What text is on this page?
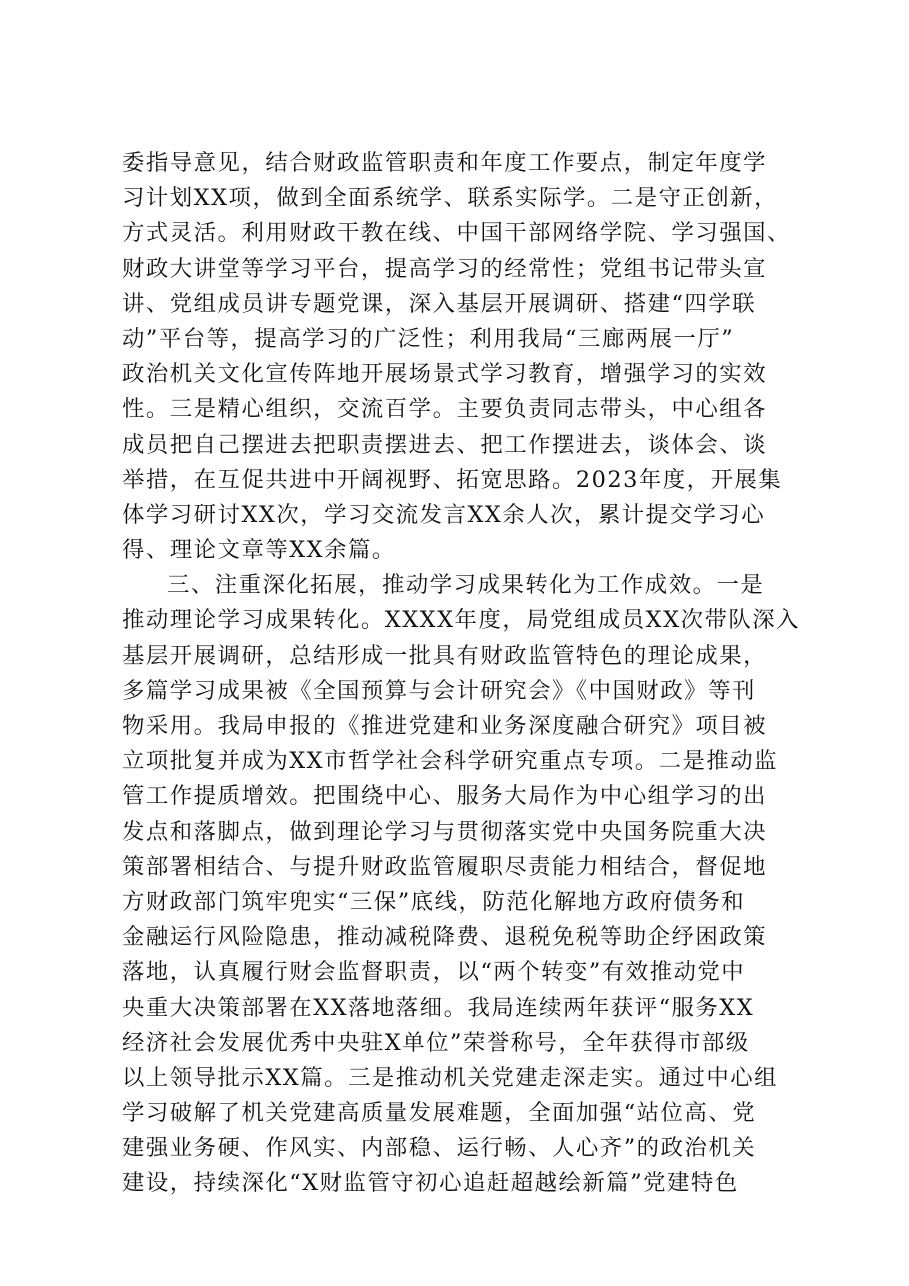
委指导意见，结合财政监管职责和年度工作要点，制定年度学
习计划XX项，做到全面系统学、联系实际学。二是守正创新，
方式灵活。利用财政干教在线、中国干部网络学院、学习强国、
财政大讲堂等学习平台，提高学习的经常性；党组书记带头宣
讲、党组成员讲专题党课，深入基层开展调研、搭建“四学联
动”平台等，提高学习的广泛性；利用我局“三廊两展一厅”
政治机关文化宣传阵地开展场景式学习教育，增强学习的实效
性。三是精心组织，交流百学。主要负责同志带头，中心组各
成员把自己摆进去把职责摆进去、把工作摆进去，谈体会、谈
举措，在互促共进中开阔视野、拓宽思路。2023年度，开展集
体学习研讨XX次，学习交流发言XX余人次，累计提交学习心
得、理论文章等XX余篇。
三、注重深化拓展，推动学习成果转化为工作成效。一是
推动理论学习成果转化。XXXX年度，局党组成员XX次带队深入
基层开展调研，总结形成一批具有财政监管特色的理论成果，
多篇学习成果被《全国预算与会计研究会》《中国财政》等刊
物采用。我局申报的《推进党建和业务深度融合研究》项目被
立项批复并成为XX市哲学社会科学研究重点专项。二是推动监
管工作提质增效。把围绕中心、服务大局作为中心组学习的出
发点和落脚点，做到理论学习与贯彻落实党中央国务院重大决
策部署相结合、与提升财政监管履职尽责能力相结合，督促地
方财政部门筑牢兜实“三保”底线，防范化解地方政府债务和
金融运行风险隐患，推动减税降费、退税免税等助企纾困政策
落地，认真履行财会监督职责，以“两个转变”有效推动党中
央重大决策部署在XX落地落细。我局连续两年获评“服务XX
经济社会发展优秀中央驻X单位”荣誉称号，全年获得市部级
以上领导批示XX篇。三是推动机关党建走深走实。通过中心组
学习破解了机关党建高质量发展难题，全面加强“站位高、党
建强业务硬、作风实、内部稳、运行畅、人心齐”的政治机关
建设，持续深化“X财监管守初心追赶超越绘新篇”党建特色
